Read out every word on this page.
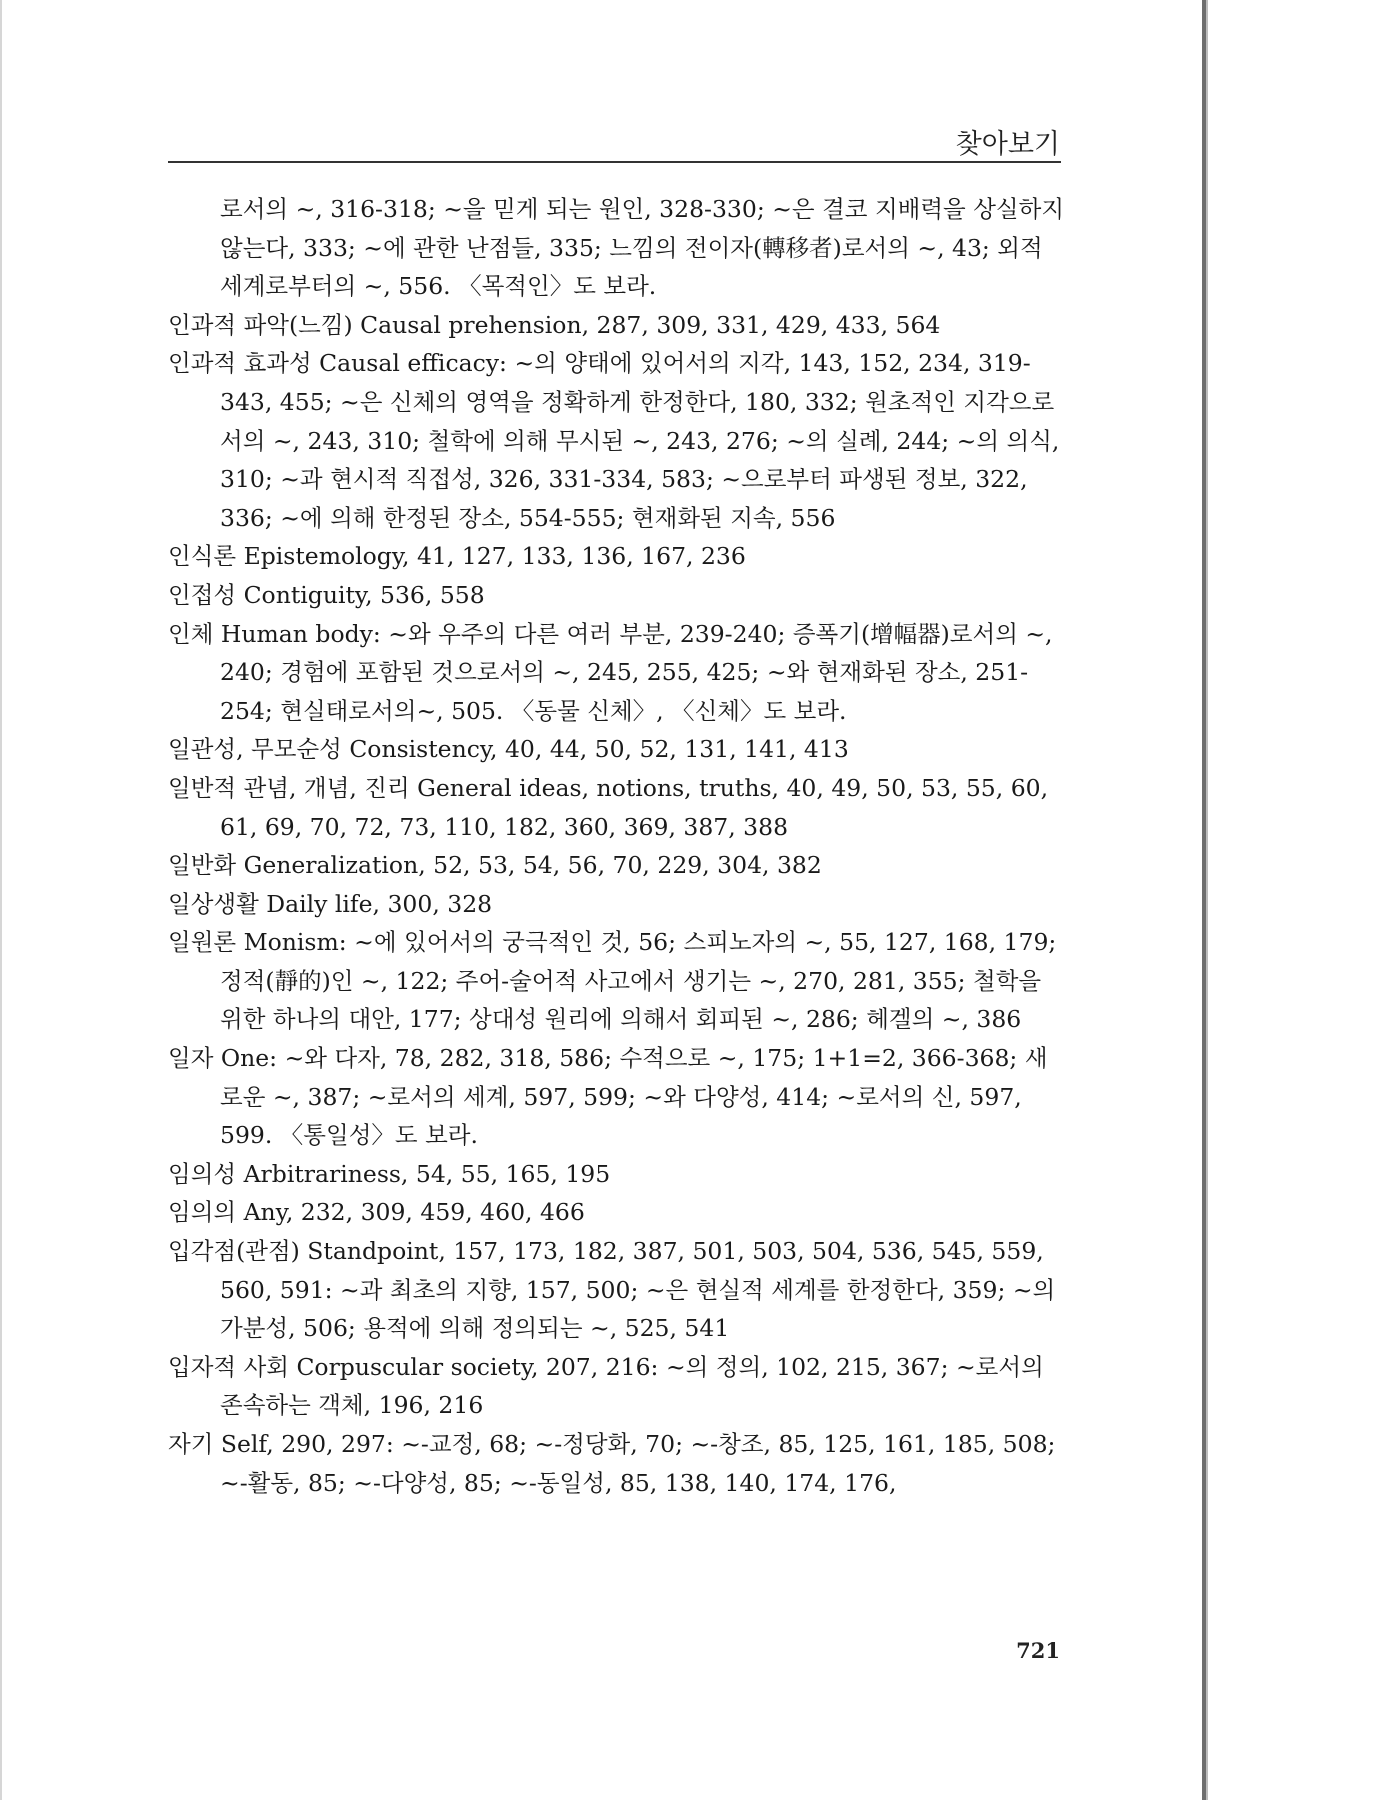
찾아보기

로서의 ~, 316-318; ~을 믿게 되는 원인, 328-330; ~은 결코 지배력을 상실하지 않는다, 333; ~에 관한 난점들, 335; 느낌의 전이자(轉移者)로서의 ~, 43; 외적 세계로부터의 ~, 556. 〈목적인〉도 보라.

인과적 파악(느낌) Causal prehension, 287, 309, 331, 429, 433, 564

인과적 효과성 Causal efficacy: ~의 양태에 있어서의 지각, 143, 152, 234, 319-343, 455; ~은 신체의 영역을 정확하게 한정한다, 180, 332; 원초적인 지각으로서의 ~, 243, 310; 철학에 의해 무시된 ~, 243, 276; ~의 실례, 244; ~의 의식, 310; ~과 현시적 직접성, 326, 331-334, 583; ~으로부터 파생된 정보, 322, 336; ~에 의해 한정된 장소, 554-555; 현재화된 지속, 556

인식론 Epistemology, 41, 127, 133, 136, 167, 236

인접성 Contiguity, 536, 558

인체 Human body: ~와 우주의 다른 여러 부분, 239-240; 증폭기(增幅器)로서의 ~, 240; 경험에 포함된 것으로서의 ~, 245, 255, 425; ~와 현재화된 장소, 251-254; 현실태로서의~, 505. 〈동물 신체〉, 〈신체〉도 보라.

일관성, 무모순성 Consistency, 40, 44, 50, 52, 131, 141, 413

일반적 관념, 개념, 진리 General ideas, notions, truths, 40, 49, 50, 53, 55, 60, 61, 69, 70, 72, 73, 110, 182, 360, 369, 387, 388

일반화 Generalization, 52, 53, 54, 56, 70, 229, 304, 382

일상생활 Daily life, 300, 328

일원론 Monism: ~에 있어서의 궁극적인 것, 56; 스피노자의 ~, 55, 127, 168, 179; 정적(靜的)인 ~, 122; 주어-술어적 사고에서 생기는 ~, 270, 281, 355; 철학을 위한 하나의 대안, 177; 상대성 원리에 의해서 회피된 ~, 286; 헤겔의 ~, 386

일자 One: ~와 다자, 78, 282, 318, 586; 수적으로 ~, 175; 1+1=2, 366-368; 새로운 ~, 387; ~로서의 세계, 597, 599; ~와 다양성, 414; ~로서의 신, 597, 599. 〈통일성〉도 보라.

임의성 Arbitrariness, 54, 55, 165, 195

임의의 Any, 232, 309, 459, 460, 466

입각점(관점) Standpoint, 157, 173, 182, 387, 501, 503, 504, 536, 545, 559, 560, 591: ~과 최초의 지향, 157, 500; ~은 현실적 세계를 한정한다, 359; ~의 가분성, 506; 용적에 의해 정의되는 ~, 525, 541

입자적 사회 Corpuscular society, 207, 216: ~의 정의, 102, 215, 367; ~로서의 존속하는 객체, 196, 216

자기 Self, 290, 297: ~-교정, 68; ~-정당화, 70; ~-창조, 85, 125, 161, 185, 508; ~-활동, 85; ~-다양성, 85; ~-동일성, 85, 138, 140, 174, 176,

721
